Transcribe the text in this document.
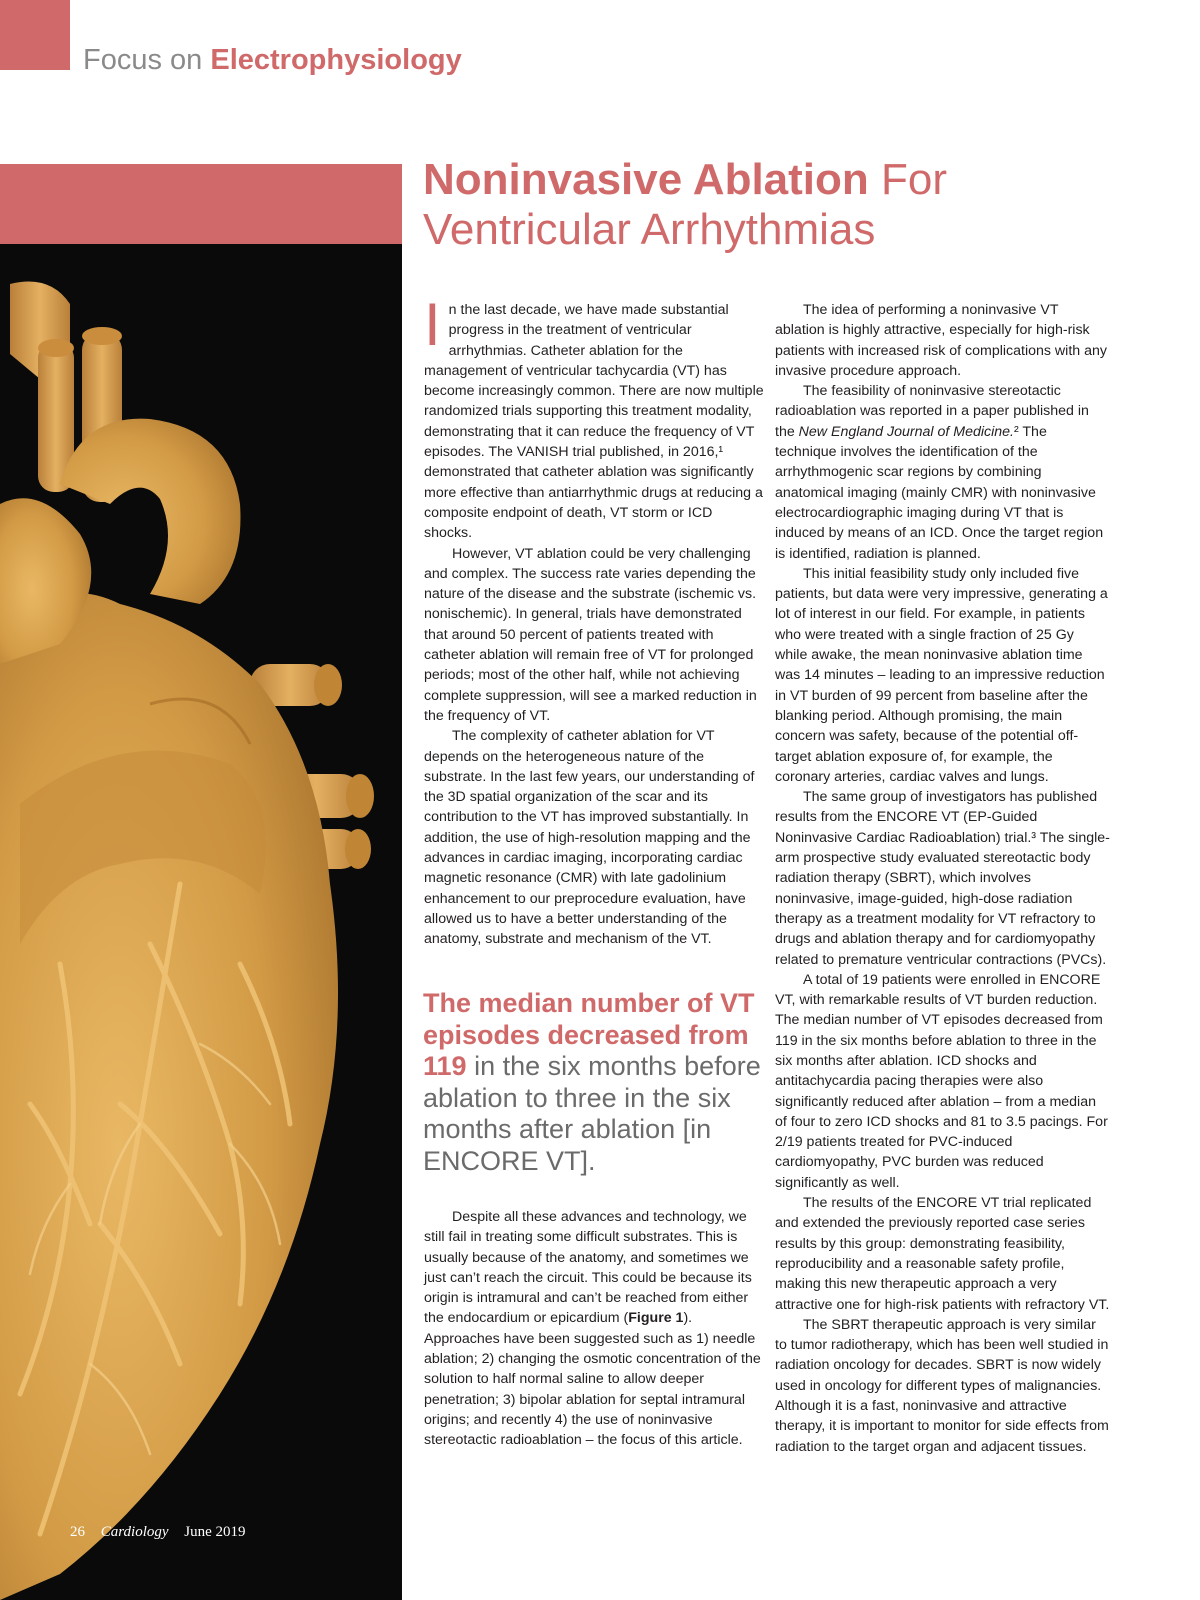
Focus on Electrophysiology
Noninvasive Ablation For
Ventricular Arrhythmias

In the last decade, we have made substantial progress in the treatment of ventricular arrhythmias. Catheter ablation for the management of ventricular tachycardia (VT) has become increasingly common. There are now multiple randomized trials supporting this treatment modality, demonstrating that it can reduce the frequency of VT episodes. The VANISH trial published, in 2016,¹ demonstrated that catheter ablation was significantly more effective than antiarrhythmic drugs at reducing a composite endpoint of death, VT storm or ICD shocks.

However, VT ablation could be very challenging and complex. The success rate varies depending the nature of the disease and the substrate (ischemic vs. nonischemic). In general, trials have demonstrated that around 50 percent of patients treated with catheter ablation will remain free of VT for prolonged periods; most of the other half, while not achieving complete suppression, will see a marked reduction in the frequency of VT.

The complexity of catheter ablation for VT depends on the heterogeneous nature of the substrate. In the last few years, our understanding of the 3D spatial organization of the scar and its contribution to the VT has improved substantially. In addition, the use of high-resolution mapping and the advances in cardiac imaging, incorporating cardiac magnetic resonance (CMR) with late gadolinium enhancement to our preprocedure evaluation, have allowed us to have a better understanding of the anatomy, substrate and mechanism of the VT.

The median number of VT episodes decreased from 119 in the six months before ablation to three in the six months after ablation [in ENCORE VT].

Despite all these advances and technology, we still fail in treating some difficult substrates. This is usually because of the anatomy, and sometimes we just can’t reach the circuit. This could be because its origin is intramural and can’t be reached from either the endocardium or epicardium (Figure 1). Approaches have been suggested such as 1) needle ablation; 2) changing the osmotic concentration of the solution to half normal saline to allow deeper penetration; 3) bipolar ablation for septal intramural origins; and recently 4) the use of noninvasive stereotactic radioablation – the focus of this article.

The idea of performing a noninvasive VT ablation is highly attractive, especially for high-risk patients with increased risk of complications with any invasive procedure approach.

The feasibility of noninvasive stereotactic radioablation was reported in a paper published in the New England Journal of Medicine.² The technique involves the identification of the arrhythmogenic scar regions by combining anatomical imaging (mainly CMR) with noninvasive electrocardiographic imaging during VT that is induced by means of an ICD. Once the target region is identified, radiation is planned.

This initial feasibility study only included five patients, but data were very impressive, generating a lot of interest in our field. For example, in patients who were treated with a single fraction of 25 Gy while awake, the mean noninvasive ablation time was 14 minutes – leading to an impressive reduction in VT burden of 99 percent from baseline after the blanking period. Although promising, the main concern was safety, because of the potential off-target ablation exposure of, for example, the coronary arteries, cardiac valves and lungs.

The same group of investigators has published results from the ENCORE VT (EP-Guided Noninvasive Cardiac Radioablation) trial.³ The single-arm prospective study evaluated stereotactic body radiation therapy (SBRT), which involves noninvasive, image-guided, high-dose radiation therapy as a treatment modality for VT refractory to drugs and ablation therapy and for cardiomyopathy related to premature ventricular contractions (PVCs).

A total of 19 patients were enrolled in ENCORE VT, with remarkable results of VT burden reduction. The median number of VT episodes decreased from 119 in the six months before ablation to three in the six months after ablation. ICD shocks and antitachycardia pacing therapies were also significantly reduced after ablation – from a median of four to zero ICD shocks and 81 to 3.5 pacings. For 2/19 patients treated for PVC-induced cardiomyopathy, PVC burden was reduced significantly as well.

The results of the ENCORE VT trial replicated and extended the previously reported case series results by this group: demonstrating feasibility, reproducibility and a reasonable safety profile, making this new therapeutic approach a very attractive one for high-risk patients with refractory VT.

The SBRT therapeutic approach is very similar to tumor radiotherapy, which has been well studied in radiation oncology for decades. SBRT is now widely used in oncology for different types of malignancies. Although it is a fast, noninvasive and attractive therapy, it is important to monitor for side effects from radiation to the target organ and adjacent tissues.

26 Cardiology June 2019
